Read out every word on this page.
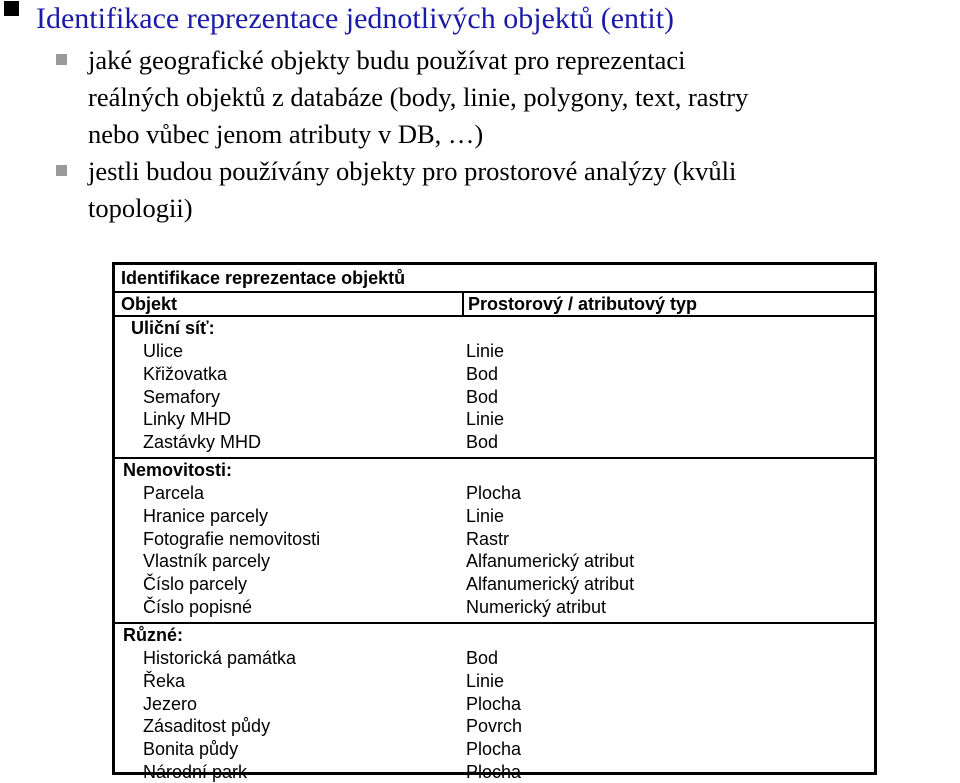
Identifikace reprezentace jednotlivých objektů (entit)
jaké geografické objekty budu používat pro reprezentaci
reálných objektů z databáze (body, linie, polygony, text, rastry
nebo vůbec jenom atributy v DB, …)
jestli budou používány objekty pro prostorové analýzy (kvůli
topologii)
Identifikace reprezentace objektů
Objekt	Prostorový / atributový typ
Uliční síť:
Ulice	Linie
Křižovatka	Bod
Semafory	Bod
Linky MHD	Linie
Zastávky MHD	Bod
Nemovitosti:
Parcela	Plocha
Hranice parcely	Linie
Fotografie nemovitosti	Rastr
Vlastník parcely	Alfanumerický atribut
Číslo parcely	Alfanumerický atribut
Číslo popisné	Numerický atribut
Různé:
Historická památka	Bod
Řeka	Linie
Jezero	Plocha
Zásaditost půdy	Povrch
Bonita půdy	Plocha
Národní park	Plocha
